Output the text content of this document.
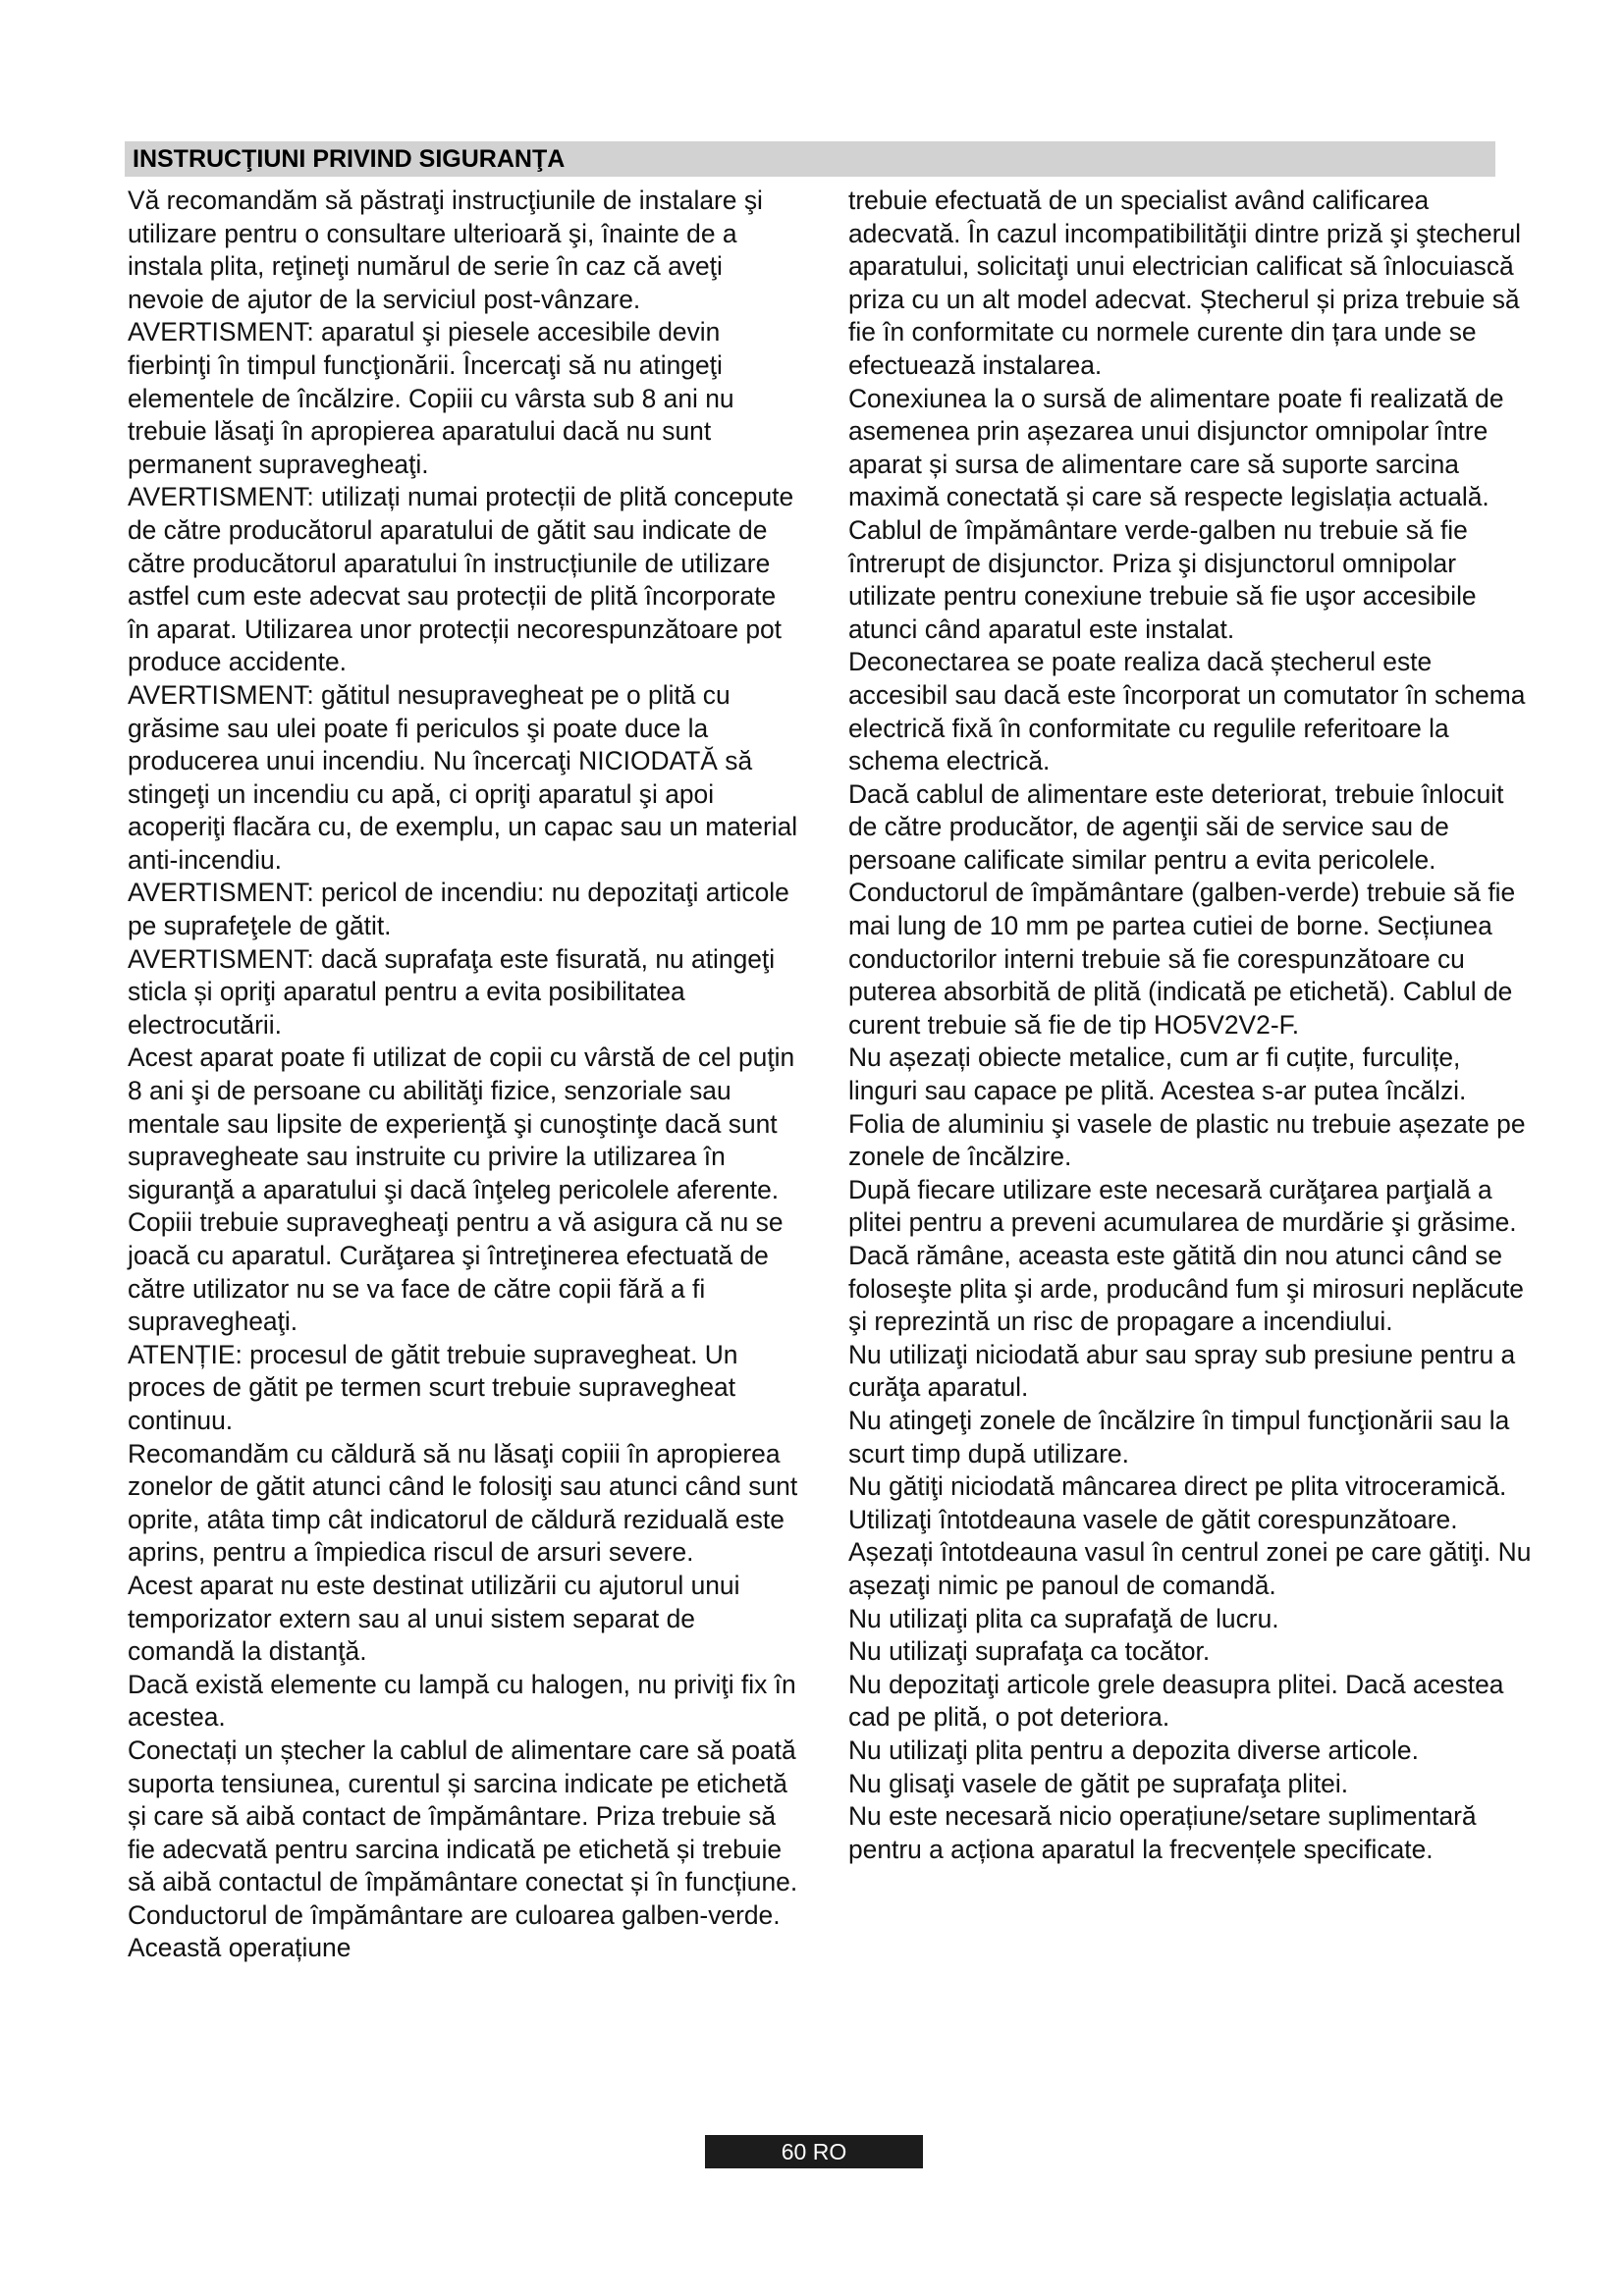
INSTRUCŢIUNI PRIVIND SIGURANŢA

Vă recomandăm să păstraţi instrucţiunile de instalare şi utilizare pentru o consultare ulterioară şi, înainte de a instala plita, reţineţi numărul de serie în caz că aveţi nevoie de ajutor de la serviciul post-vânzare.

AVERTISMENT: aparatul şi piesele accesibile devin fierbinţi în timpul funcţionării. Încercaţi să nu atingeţi elementele de încălzire. Copiii cu vârsta sub 8 ani nu trebuie lăsaţi în apropierea aparatului dacă nu sunt permanent supravegheaţi.

AVERTISMENT: utilizați numai protecții de plită concepute de către producătorul aparatului de gătit sau indicate de către producătorul aparatului în instrucțiunile de utilizare astfel cum este adecvat sau protecții de plită încorporate în aparat. Utilizarea unor protecții necorespunzătoare pot produce accidente.

AVERTISMENT: gătitul nesupravegheat pe o plită cu grăsime sau ulei poate fi periculos şi poate duce la producerea unui incendiu. Nu încercaţi NICIODATĂ să stingeţi un incendiu cu apă, ci opriţi aparatul şi apoi acoperiţi flacăra cu, de exemplu, un capac sau un material anti-incendiu.

AVERTISMENT: pericol de incendiu: nu depozitaţi articole pe suprafeţele de gătit.

AVERTISMENT: dacă suprafaţa este fisurată, nu atingeţi sticla și opriţi aparatul pentru a evita posibilitatea electrocutării.

Acest aparat poate fi utilizat de copii cu vârstă de cel puţin 8 ani şi de persoane cu abilităţi fizice, senzoriale sau mentale sau lipsite de experienţă şi cunoştinţe dacă sunt supravegheate sau instruite cu privire la utilizarea în siguranţă a aparatului şi dacă înţeleg pericolele aferente.

Copiii trebuie supravegheaţi pentru a vă asigura că nu se joacă cu aparatul. Curăţarea şi întreţinerea efectuată de către utilizator nu se va face de către copii fără a fi supravegheaţi.

ATENȚIE: procesul de gătit trebuie supravegheat. Un proces de gătit pe termen scurt trebuie supravegheat continuu.

Recomandăm cu căldură să nu lăsaţi copiii în apropierea zonelor de gătit atunci când le folosiţi sau atunci când sunt oprite, atâta timp cât indicatorul de căldură reziduală este aprins, pentru a împiedica riscul de arsuri severe.

Acest aparat nu este destinat utilizării cu ajutorul unui temporizator extern sau al unui sistem separat de comandă la distanţă.

Dacă există elemente cu lampă cu halogen, nu priviţi fix în acestea.

Conectați un ștecher la cablul de alimentare care să poată suporta tensiunea, curentul și sarcina indicate pe etichetă și care să aibă contact de împământare. Priza trebuie să fie adecvată pentru sarcina indicată pe etichetă și trebuie să aibă contactul de împământare conectat și în funcțiune. Conductorul de împământare are culoarea galben-verde. Această operațiune

trebuie efectuată de un specialist având calificarea adecvată. În cazul incompatibilităţii dintre priză şi ştecherul aparatului, solicitaţi unui electrician calificat să înlocuiască priza cu un alt model adecvat. Ștecherul și priza trebuie să fie în conformitate cu normele curente din țara unde se efectuează instalarea.

Conexiunea la o sursă de alimentare poate fi realizată de asemenea prin așezarea unui disjunctor omnipolar între aparat și sursa de alimentare care să suporte sarcina maximă conectată și care să respecte legislația actuală.

Cablul de împământare verde-galben nu trebuie să fie întrerupt de disjunctor. Priza şi disjunctorul omnipolar utilizate pentru conexiune trebuie să fie uşor accesibile atunci când aparatul este instalat.

Deconectarea se poate realiza dacă ștecherul este accesibil sau dacă este încorporat un comutator în schema electrică fixă în conformitate cu regulile referitoare la schema electrică.

Dacă cablul de alimentare este deteriorat, trebuie înlocuit de către producător, de agenţii săi de service sau de persoane calificate similar pentru a evita pericolele. Conductorul de împământare (galben-verde) trebuie să fie mai lung de 10 mm pe partea cutiei de borne. Secțiunea conductorilor interni trebuie să fie corespunzătoare cu puterea absorbită de plită (indicată pe etichetă). Cablul de curent trebuie să fie de tip HO5V2V2-F.

Nu așezați obiecte metalice, cum ar fi cuțite, furculițe, linguri sau capace pe plită. Acestea s-ar putea încălzi.

Folia de aluminiu şi vasele de plastic nu trebuie așezate pe zonele de încălzire.

După fiecare utilizare este necesară curăţarea parţială a plitei pentru a preveni acumularea de murdărie şi grăsime. Dacă rămâne, aceasta este gătită din nou atunci când se foloseşte plita şi arde, producând fum şi mirosuri neplăcute şi reprezintă un risc de propagare a incendiului.

Nu utilizaţi niciodată abur sau spray sub presiune pentru a curăţa aparatul.

Nu atingeţi zonele de încălzire în timpul funcţionării sau la scurt timp după utilizare.

Nu gătiţi niciodată mâncarea direct pe plita vitroceramică.

Utilizaţi întotdeauna vasele de gătit corespunzătoare.

Așezați întotdeauna vasul în centrul zonei pe care gătiţi. Nu așezaţi nimic pe panoul de comandă.

Nu utilizaţi plita ca suprafaţă de lucru.

Nu utilizaţi suprafaţa ca tocător.

Nu depozitaţi articole grele deasupra plitei. Dacă acestea cad pe plită, o pot deteriora.

Nu utilizaţi plita pentru a depozita diverse articole.

Nu glisaţi vasele de gătit pe suprafaţa plitei.

Nu este necesară nicio operațiune/setare suplimentară pentru a acționa aparatul la frecvențele specificate.

60 RO
